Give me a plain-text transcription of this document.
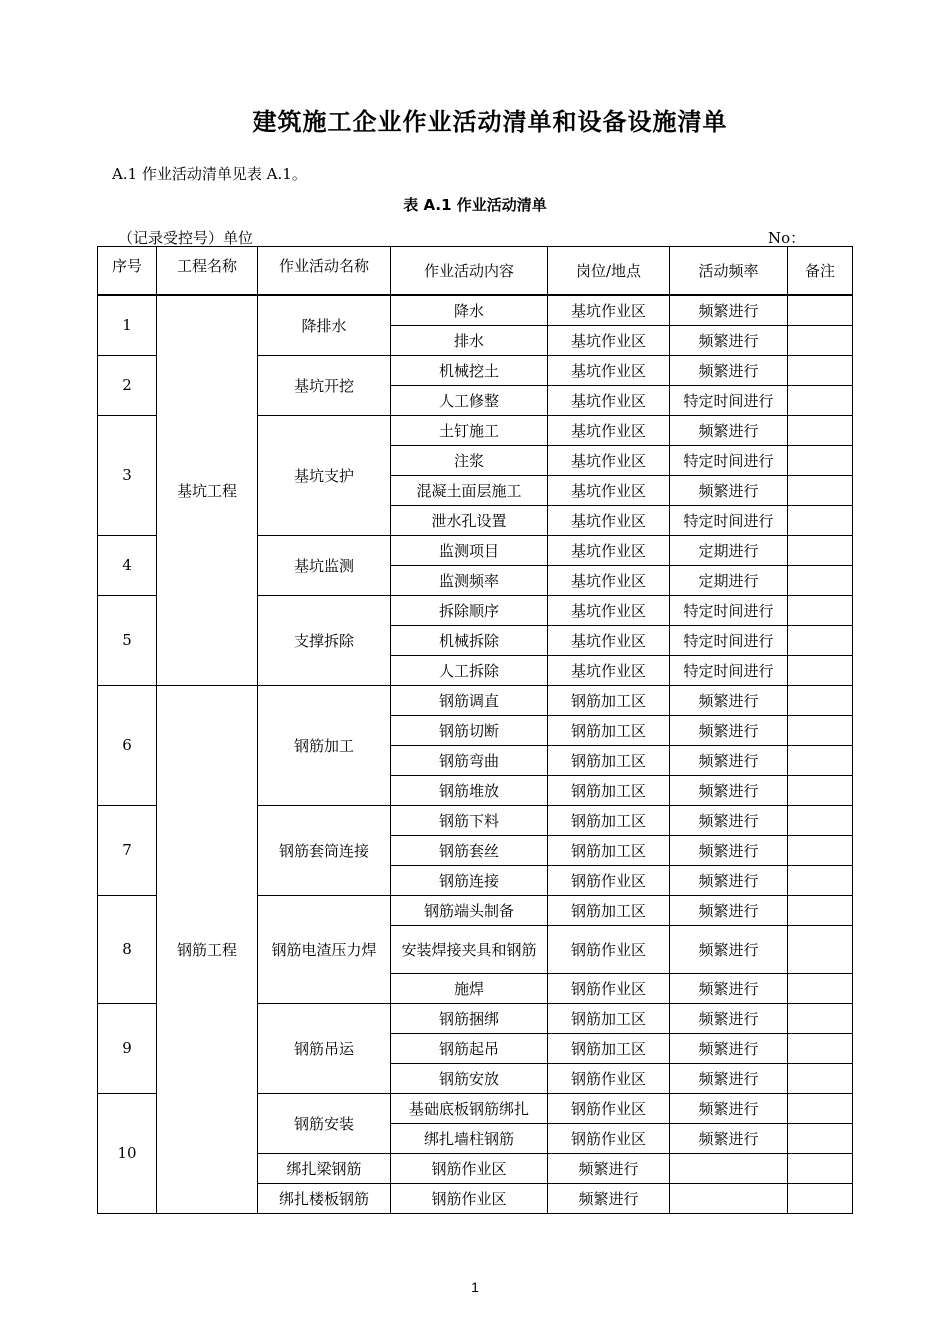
建筑施工企业作业活动清单和设备设施清单
A.1 作业活动清单见表 A.1。
表 A.1 作业活动清单
（记录受控号）单位	No：
序号	工程名称	作业活动名称	作业活动内容	岗位/地点	活动频率	备注
1	基坑工程	降排水	降水	基坑作业区	频繁进行	
			排水	基坑作业区	频繁进行	
2		基坑开挖	机械挖土	基坑作业区	频繁进行	
			人工修整	基坑作业区	特定时间进行	
3		基坑支护	土钉施工	基坑作业区	频繁进行	
			注浆	基坑作业区	特定时间进行	
			混凝土面层施工	基坑作业区	频繁进行	
			泄水孔设置	基坑作业区	特定时间进行	
4		基坑监测	监测项目	基坑作业区	定期进行	
			监测频率	基坑作业区	定期进行	
5		支撑拆除	拆除顺序	基坑作业区	特定时间进行	
			机械拆除	基坑作业区	特定时间进行	
			人工拆除	基坑作业区	特定时间进行	
6	钢筋工程	钢筋加工	钢筋调直	钢筋加工区	频繁进行	
			钢筋切断	钢筋加工区	频繁进行	
			钢筋弯曲	钢筋加工区	频繁进行	
			钢筋堆放	钢筋加工区	频繁进行	
7		钢筋套筒连接	钢筋下料	钢筋加工区	频繁进行	
			钢筋套丝	钢筋加工区	频繁进行	
			钢筋连接	钢筋作业区	频繁进行	
8		钢筋电渣压力焊	钢筋端头制备	钢筋加工区	频繁进行	
			安装焊接夹具和钢筋	钢筋作业区	频繁进行	
			施焊	钢筋作业区	频繁进行	
9		钢筋吊运	钢筋捆绑	钢筋加工区	频繁进行	
			钢筋起吊	钢筋加工区	频繁进行	
			钢筋安放	钢筋作业区	频繁进行	
10		钢筋安装	基础底板钢筋绑扎	钢筋作业区	频繁进行	
			绑扎墙柱钢筋	钢筋作业区	频繁进行	
		绑扎梁钢筋	钢筋作业区	频繁进行		
		绑扎楼板钢筋	钢筋作业区	频繁进行		
1
